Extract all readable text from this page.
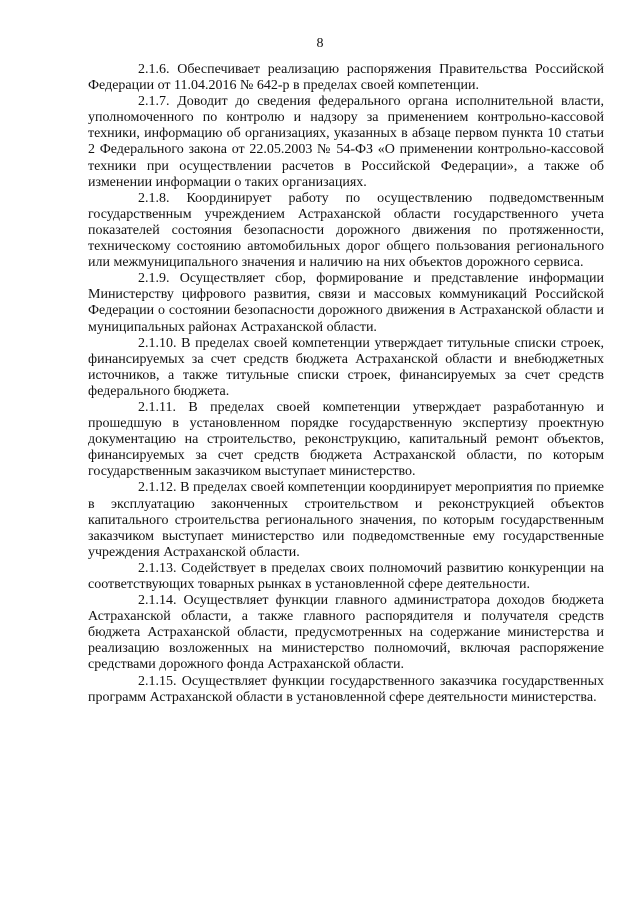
8

2.1.6. Обеспечивает реализацию распоряжения Правительства Российской Федерации от 11.04.2016 № 642-р в пределах своей компетенции.

2.1.7. Доводит до сведения федерального органа исполнительной власти, уполномоченного по контролю и надзору за применением контрольно-кассовой техники, информацию об организациях, указанных в абзаце первом пункта 10 статьи 2 Федерального закона от 22.05.2003 № 54-ФЗ «О применении контрольно-кассовой техники при осуществлении расчетов в Российской Федерации», а также об изменении информации о таких организациях.

2.1.8. Координирует работу по осуществлению подведомственным государственным учреждением Астраханской области государственного учета показателей состояния безопасности дорожного движения по протяженности, техническому состоянию автомобильных дорог общего пользования регионального или межмуниципального значения и наличию на них объектов дорожного сервиса.

2.1.9. Осуществляет сбор, формирование и представление информации Министерству цифрового развития, связи и массовых коммуникаций Российской Федерации о состоянии безопасности дорожного движения в Астраханской области и муниципальных районах Астраханской области.

2.1.10. В пределах своей компетенции утверждает титульные списки строек, финансируемых за счет средств бюджета Астраханской области и внебюджетных источников, а также титульные списки строек, финансируемых за счет средств федерального бюджета.

2.1.11. В пределах своей компетенции утверждает разработанную и прошедшую в установленном порядке государственную экспертизу проектную документацию на строительство, реконструкцию, капитальный ремонт объектов, финансируемых за счет средств бюджета Астраханской области, по которым государственным заказчиком выступает министерство.

2.1.12. В пределах своей компетенции координирует мероприятия по приемке в эксплуатацию законченных строительством и реконструкцией объектов капитального строительства регионального значения, по которым государственным заказчиком выступает министерство или подведомственные ему государственные учреждения Астраханской области.

2.1.13. Содействует в пределах своих полномочий развитию конкуренции на соответствующих товарных рынках в установленной сфере деятельности.

2.1.14. Осуществляет функции главного администратора доходов бюджета Астраханской области, а также главного распорядителя и получателя средств бюджета Астраханской области, предусмотренных на содержание министерства и реализацию возложенных на министерство полномочий, включая распоряжение средствами дорожного фонда Астраханской области.

2.1.15. Осуществляет функции государственного заказчика государственных программ Астраханской области в установленной сфере деятельности министерства.
